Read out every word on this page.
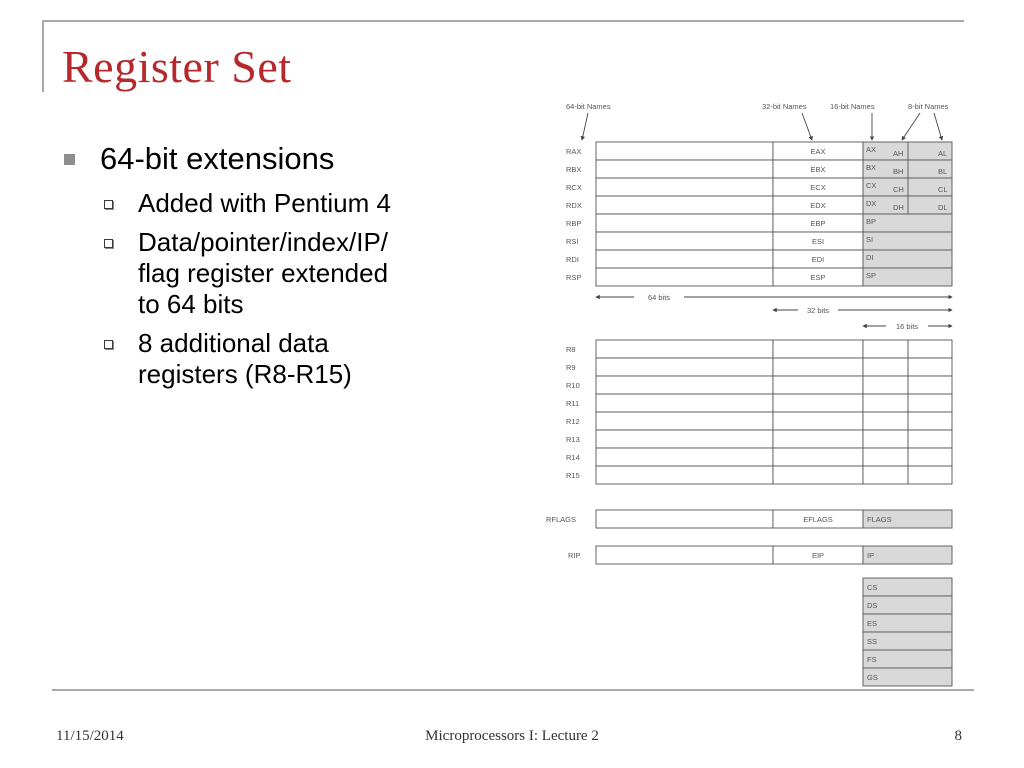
Register Set
64-bit extensions
Added with Pentium 4
Data/pointer/index/IP/
flag register extended
to 64 bits
8 additional data
registers (R8-R15)
64-bit Names	32-bit Names	16-bit Names	8-bit Names
RAX	EAX	AX AH	AL
RBX	EBX	BX BH	BL
RCX	ECX	CX CH	CL
RDX	EDX	DX DH	DL
RBP	EBP	BP
RSI	ESI	SI
RDI	EDI	DI
RSP	ESP	SP
64 bits
32 bits
16 bits
R8
R9
R10
R11
R12
R13
R14
R15
RFLAGS	EFLAGS	FLAGS
RIP	EIP	IP
CS
DS
ES
SS
FS
GS
11/15/2014	Microprocessors I: Lecture 2	8
